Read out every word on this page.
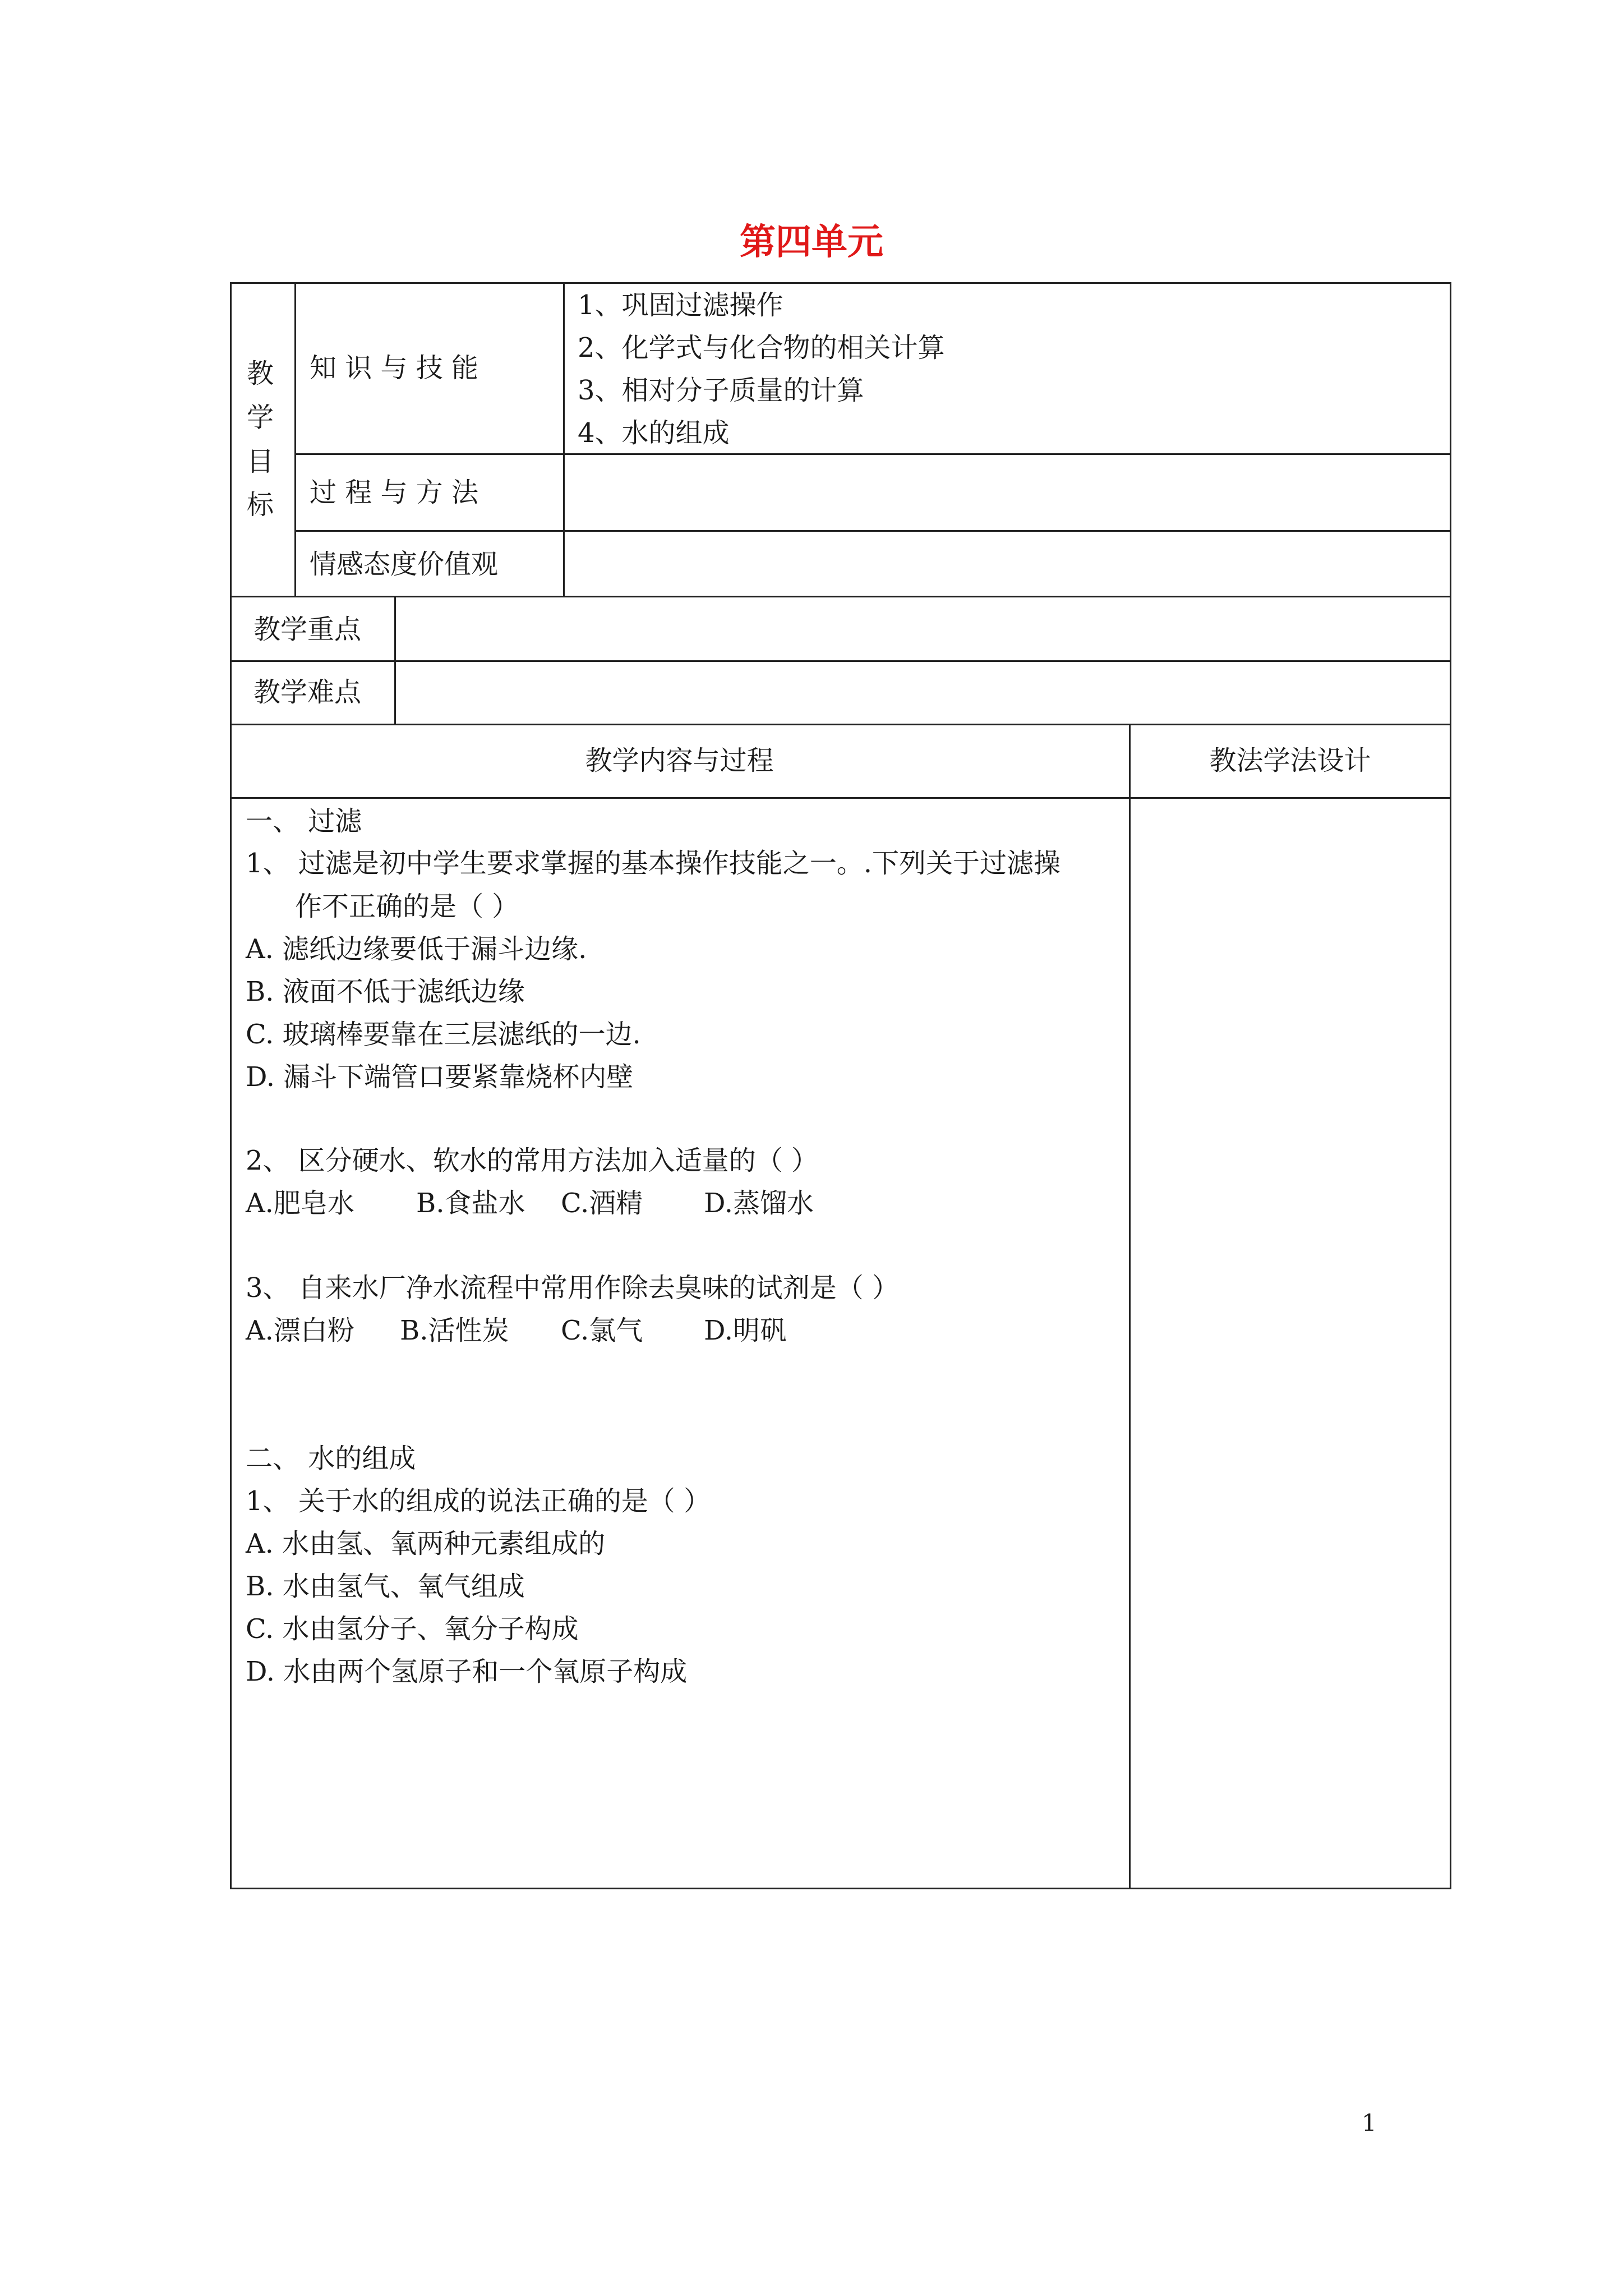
第四单元
教
学
目
标
知 识 与 技 能
过 程 与 方 法
情感态度价值观
1、巩固过滤操作
2、化学式与化合物的相关计算
3、相对分子质量的计算
4、水的组成
教学重点
教学难点
教学内容与过程	教法学法设计
一、 过滤
1、 过滤是初中学生要求掌握的基本操作技能之一。.下列关于过滤操
作不正确的是（ ）
A. 滤纸边缘要低于漏斗边缘.
B. 液面不低于滤纸边缘
C. 玻璃棒要靠在三层滤纸的一边.
D. 漏斗下端管口要紧靠烧杯内壁
2、 区分硬水、软水的常用方法加入适量的（ ）
A.肥皂水 B.食盐水 C.酒精 D.蒸馏水
3、 自来水厂净水流程中常用作除去臭味的试剂是（ ）
A.漂白粉 B.活性炭 C.氯气 D.明矾
二、 水的组成
1、 关于水的组成的说法正确的是（ ）
A. 水由氢、氧两种元素组成的
B. 水由氢气、氧气组成
C. 水由氢分子、氧分子构成
D. 水由两个氢原子和一个氧原子构成
1
